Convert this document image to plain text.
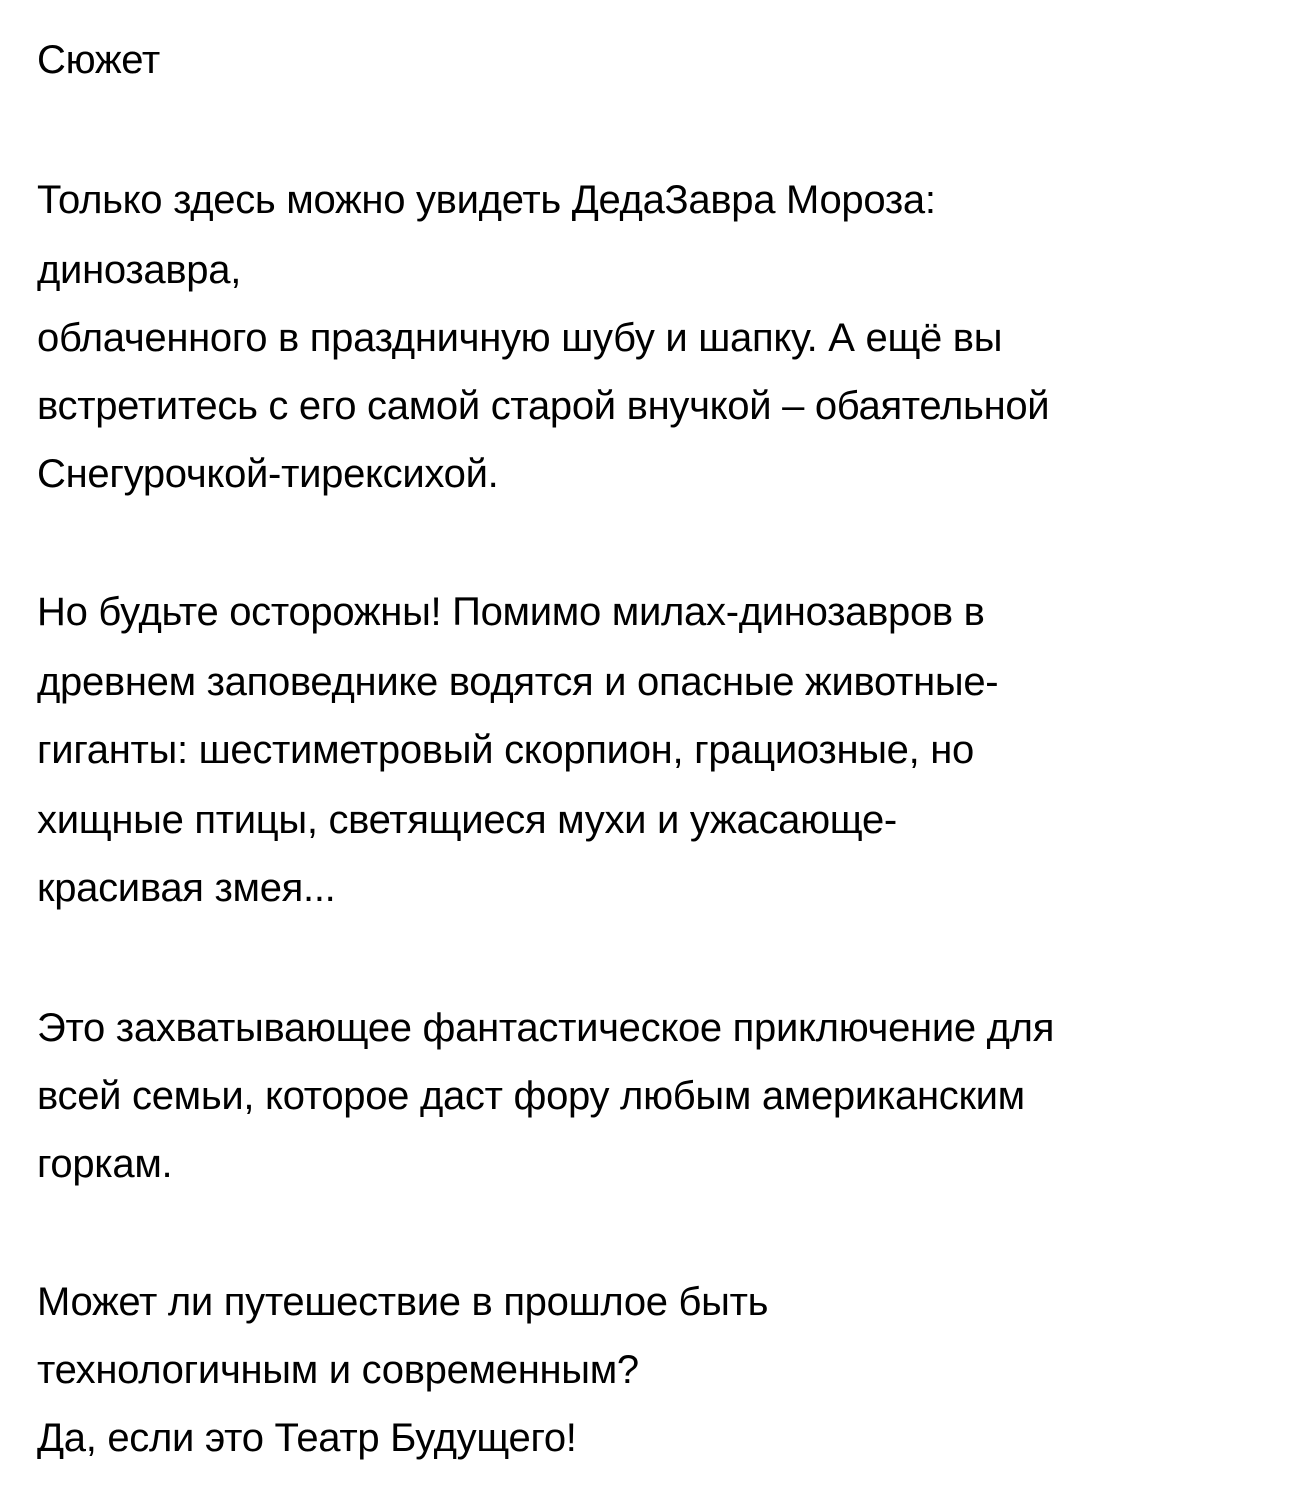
Сюжет

Только здесь можно увидеть ДедаЗавра Мороза:

динозавра,

облаченного в праздничную шубу и шапку. А ещё вы

встретитесь с его самой старой внучкой – обаятельной

Снегурочкой-тирексихой.

Но будьте осторожны! Помимо милах-динозавров в

древнем заповеднике водятся и опасные животные-

гиганты: шестиметровый скорпион, грациозные, но

хищные птицы, светящиеся мухи и ужасающе-

красивая змея...

Это захватывающее фантастическое приключение для

всей семьи, которое даст фору любым американским

горкам.

Может ли путешествие в прошлое быть

технологичным и современным?

Да, если это Театр Будущего!
